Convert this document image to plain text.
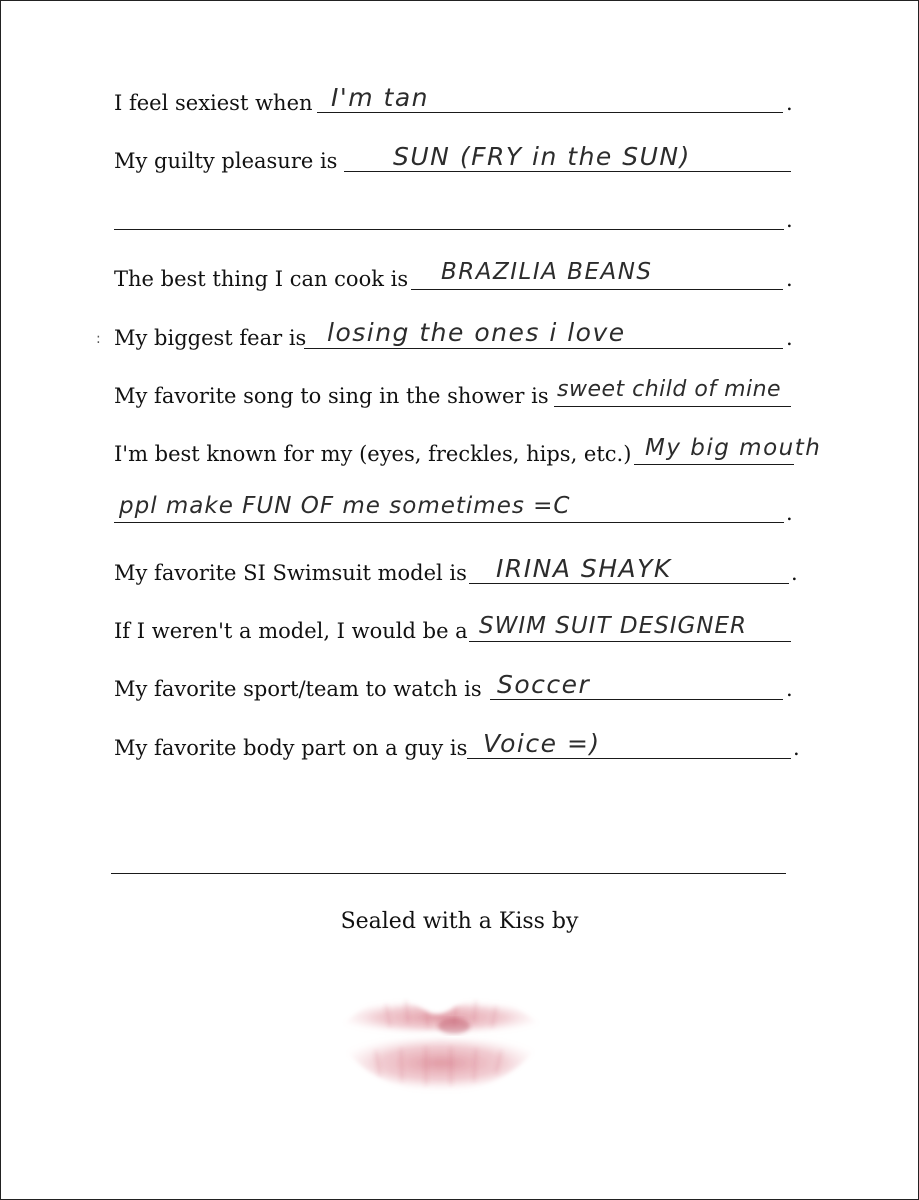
I feel sexiest when I'm tan	.
My guilty pleasure is SUN (FRY in the SUN)
.
The best thing I can cook is BRAZILIA BEANS	.
: My biggest fear is losing the ones i love	.
My favorite song to sing in the shower is sweet child of mine
I'm best known for my (eyes, freckles, hips, etc.) My big mouth
ppl make FUN OF me sometimes =C	.
My favorite SI Swimsuit model is IRINA SHAYK	.
If I weren't a model, I would be a SWIM SUIT DESIGNER
My favorite sport/team to watch is Soccer	.
My favorite body part on a guy is Voice =)	.
Sealed with a Kiss by
